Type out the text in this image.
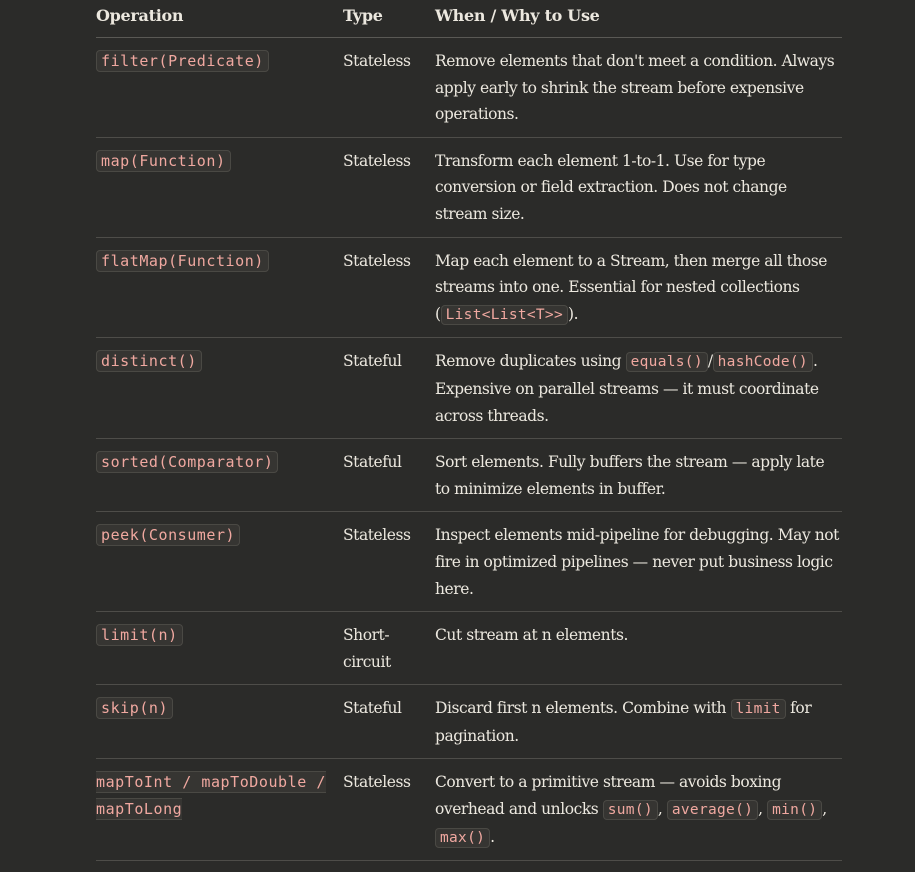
Operation	Type	When / Why to Use
filter(Predicate)	Stateless	Remove elements that don't meet a condition. Always apply early to shrink the stream before expensive operations.
map(Function)	Stateless	Transform each element 1-to-1. Use for type conversion or field extraction. Does not change stream size.
flatMap(Function)	Stateless	Map each element to a Stream, then merge all those streams into one. Essential for nested collections ( List<List<T>> ).
distinct()	Stateful	Remove duplicates using equals() / hashCode() . Expensive on parallel streams — it must coordinate across threads.
sorted(Comparator)	Stateful	Sort elements. Fully buffers the stream — apply late to minimize elements in buffer.
peek(Consumer)	Stateless	Inspect elements mid-pipeline for debugging. May not fire in optimized pipelines — never put business logic here.
limit(n)	Short-circuit	Cut stream at n elements.
skip(n)	Stateful	Discard first n elements. Combine with limit for pagination.
mapToInt / mapToDouble / mapToLong	Stateless	Convert to a primitive stream — avoids boxing overhead and unlocks sum() , average() , min() , max() .
